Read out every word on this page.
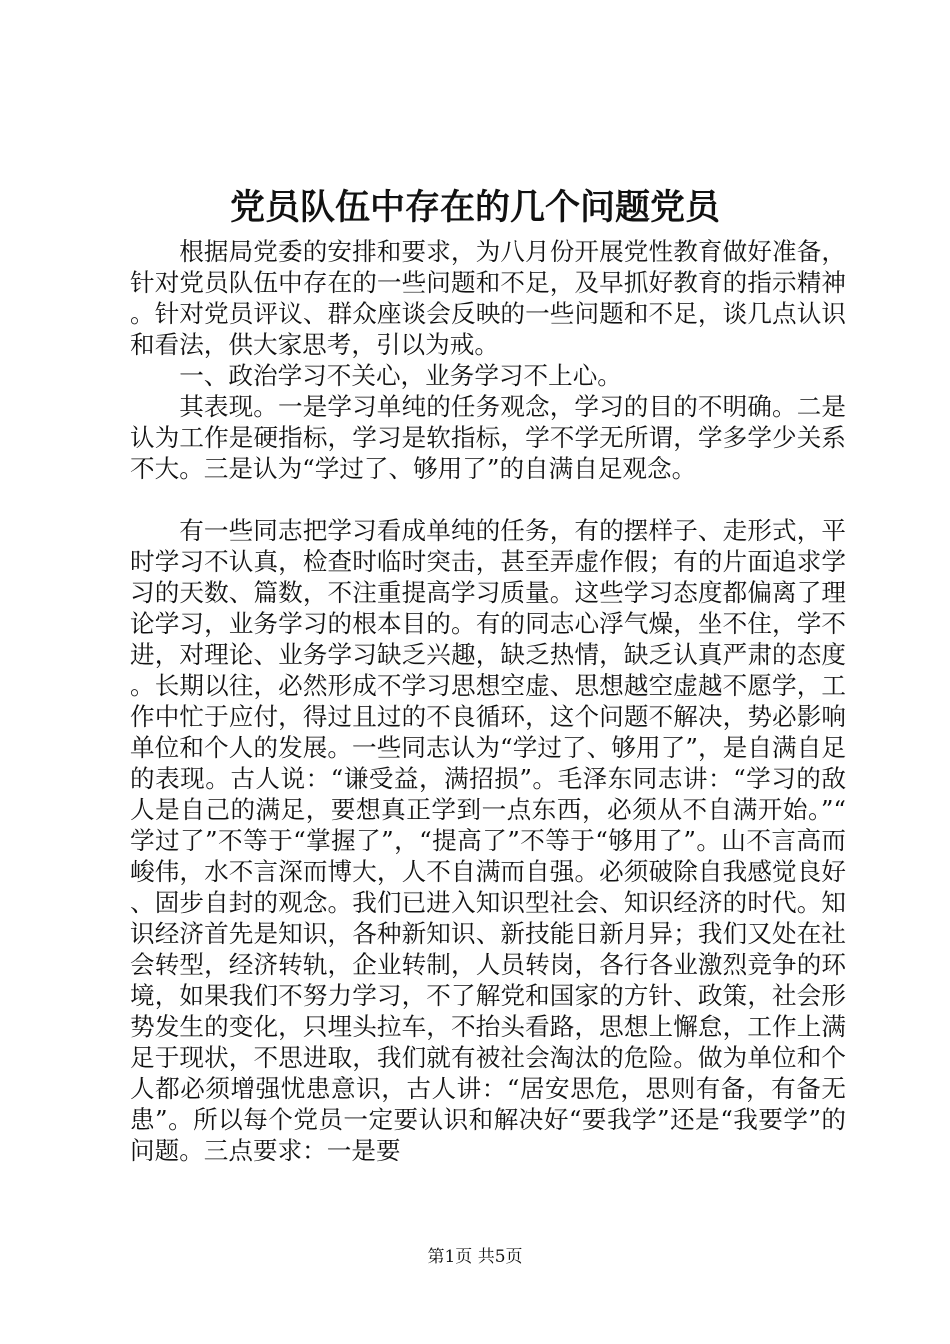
党员队伍中存在的几个问题党员

根据局党委的安排和要求，为八月份开展党性教育做好准备，针对党员队伍中存在的一些问题和不足，及早抓好教育的指示精神。针对党员评议、群众座谈会反映的一些问题和不足，谈几点认识和看法，供大家思考，引以为戒。

一、政治学习不关心，业务学习不上心。

其表现。一是学习单纯的任务观念，学习的目的不明确。二是认为工作是硬指标，学习是软指标，学不学无所谓，学多学少关系不大。三是认为“学过了、够用了”的自满自足观念。

有一些同志把学习看成单纯的任务，有的摆样子、走形式，平时学习不认真，检查时临时突击，甚至弄虚作假；有的片面追求学习的天数、篇数，不注重提高学习质量。这些学习态度都偏离了理论学习，业务学习的根本目的。有的同志心浮气燥，坐不住，学不进，对理论、业务学习缺乏兴趣，缺乏热情，缺乏认真严肃的态度。长期以往，必然形成不学习思想空虚、思想越空虚越不愿学，工作中忙于应付，得过且过的不良循环，这个问题不解决，势必影响单位和个人的发展。一些同志认为“学过了、够用了”，是自满自足的表现。古人说：“谦受益，满招损”。毛泽东同志讲：“学习的敌人是自己的满足，要想真正学到一点东西，必须从不自满开始。”“学过了”不等于“掌握了”，“提高了”不等于“够用了”。山不言高而峻伟，水不言深而博大，人不自满而自强。必须破除自我感觉良好、固步自封的观念。我们已进入知识型社会、知识经济的时代。知识经济首先是知识，各种新知识、新技能日新月异；我们又处在社会转型，经济转轨，企业转制，人员转岗，各行各业激烈竞争的环境，如果我们不努力学习，不了解党和国家的方针、政策，社会形势发生的变化，只埋头拉车，不抬头看路，思想上懈怠，工作上满足于现状，不思进取，我们就有被社会淘汰的危险。做为单位和个人都必须增强忧患意识，古人讲：“居安思危，思则有备，有备无患”。所以每个党员一定要认识和解决好“要我学”还是“我要学”的问题。三点要求：一是要

第1页 共5页
